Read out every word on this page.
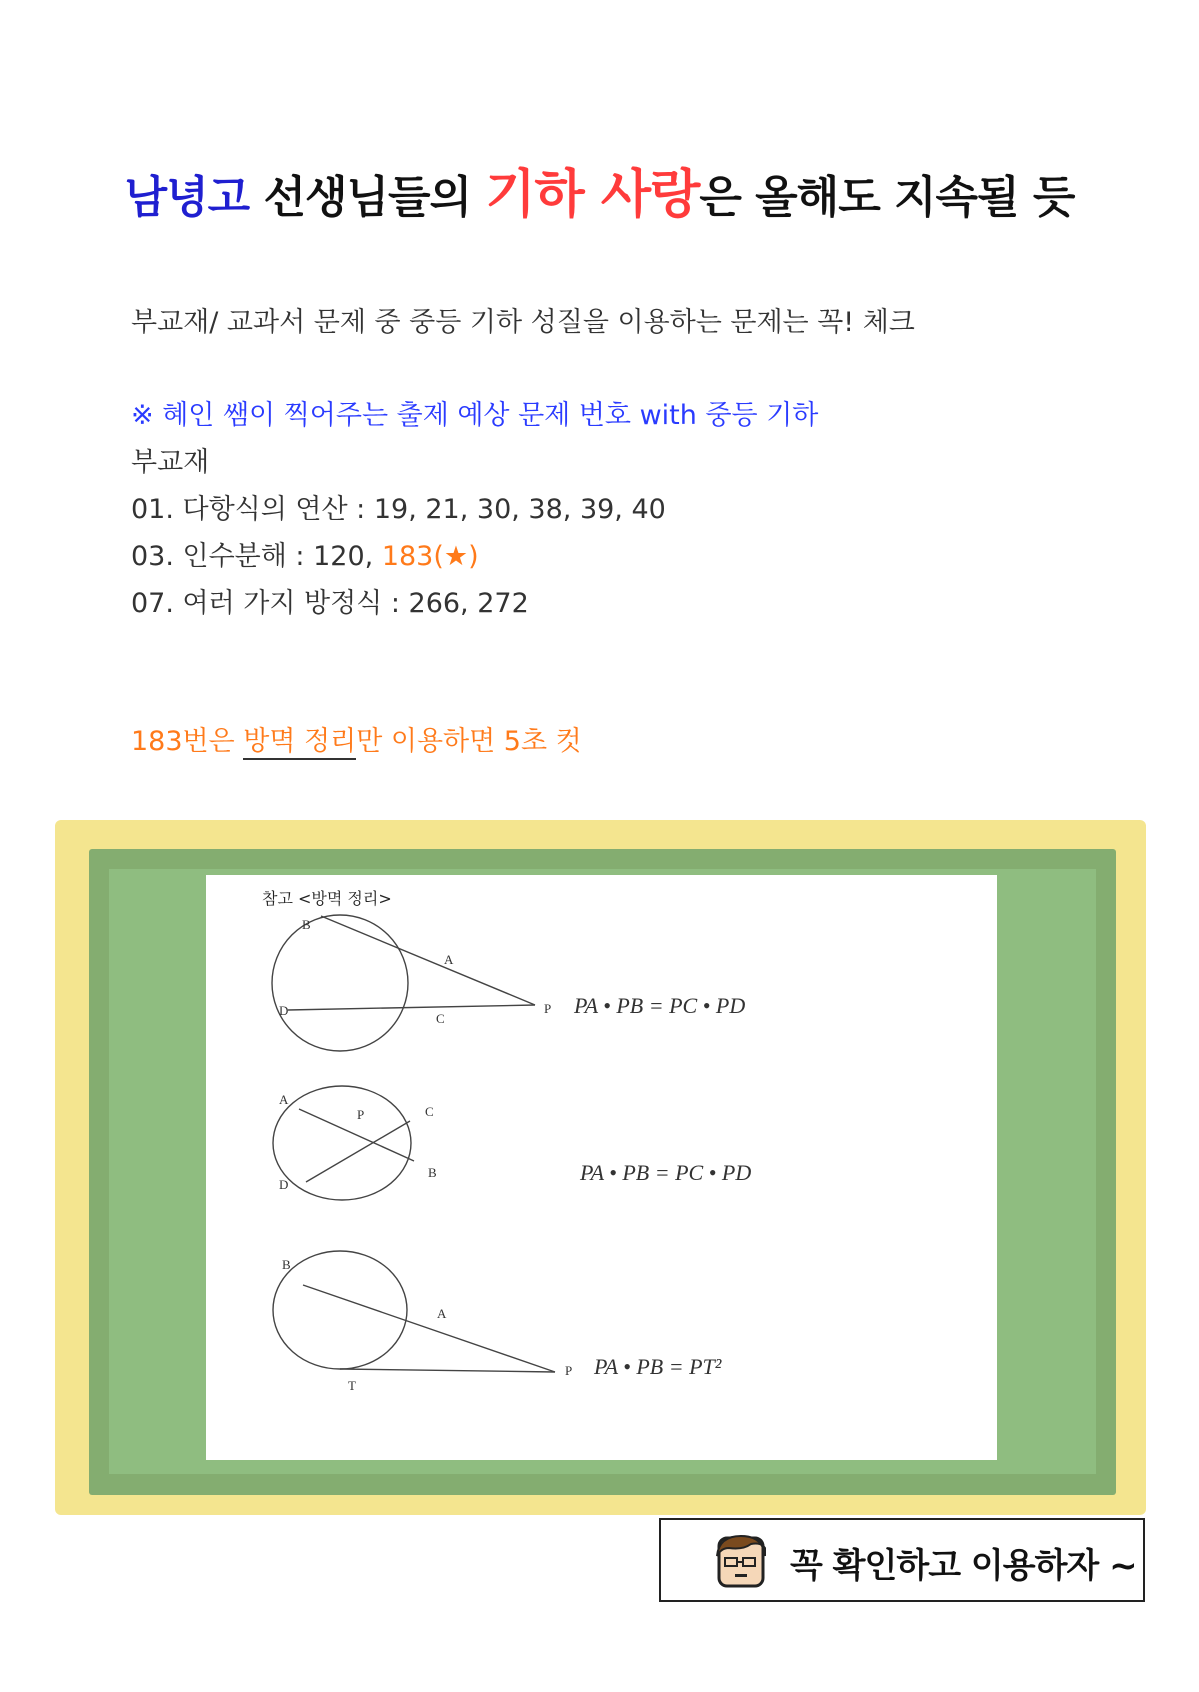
남녕고 선생님들의 기하 사랑은 올해도 지속될 듯
부교재/ 교과서 문제 중 중등 기하 성질을 이용하는 문제는 꼭! 체크
※ 혜인 쌤이 찍어주는 출제 예상 문제 번호 with 중등 기하
부교재
01. 다항식의 연산 : 19, 21, 30, 38, 39, 40
03. 인수분해 : 120, 183(★)
07. 여러 가지 방정식 : 266, 272
183번은 방멱 정리만 이용하면 5초 컷
참고 <방멱 정리>
B
A
D
C
P PA • PB = PC • PD
A
P	C
D
B	PA • PB = PC • PD
B
A
T
P PA • PB = PT²
꼭 확인하고 이용하자 ~
